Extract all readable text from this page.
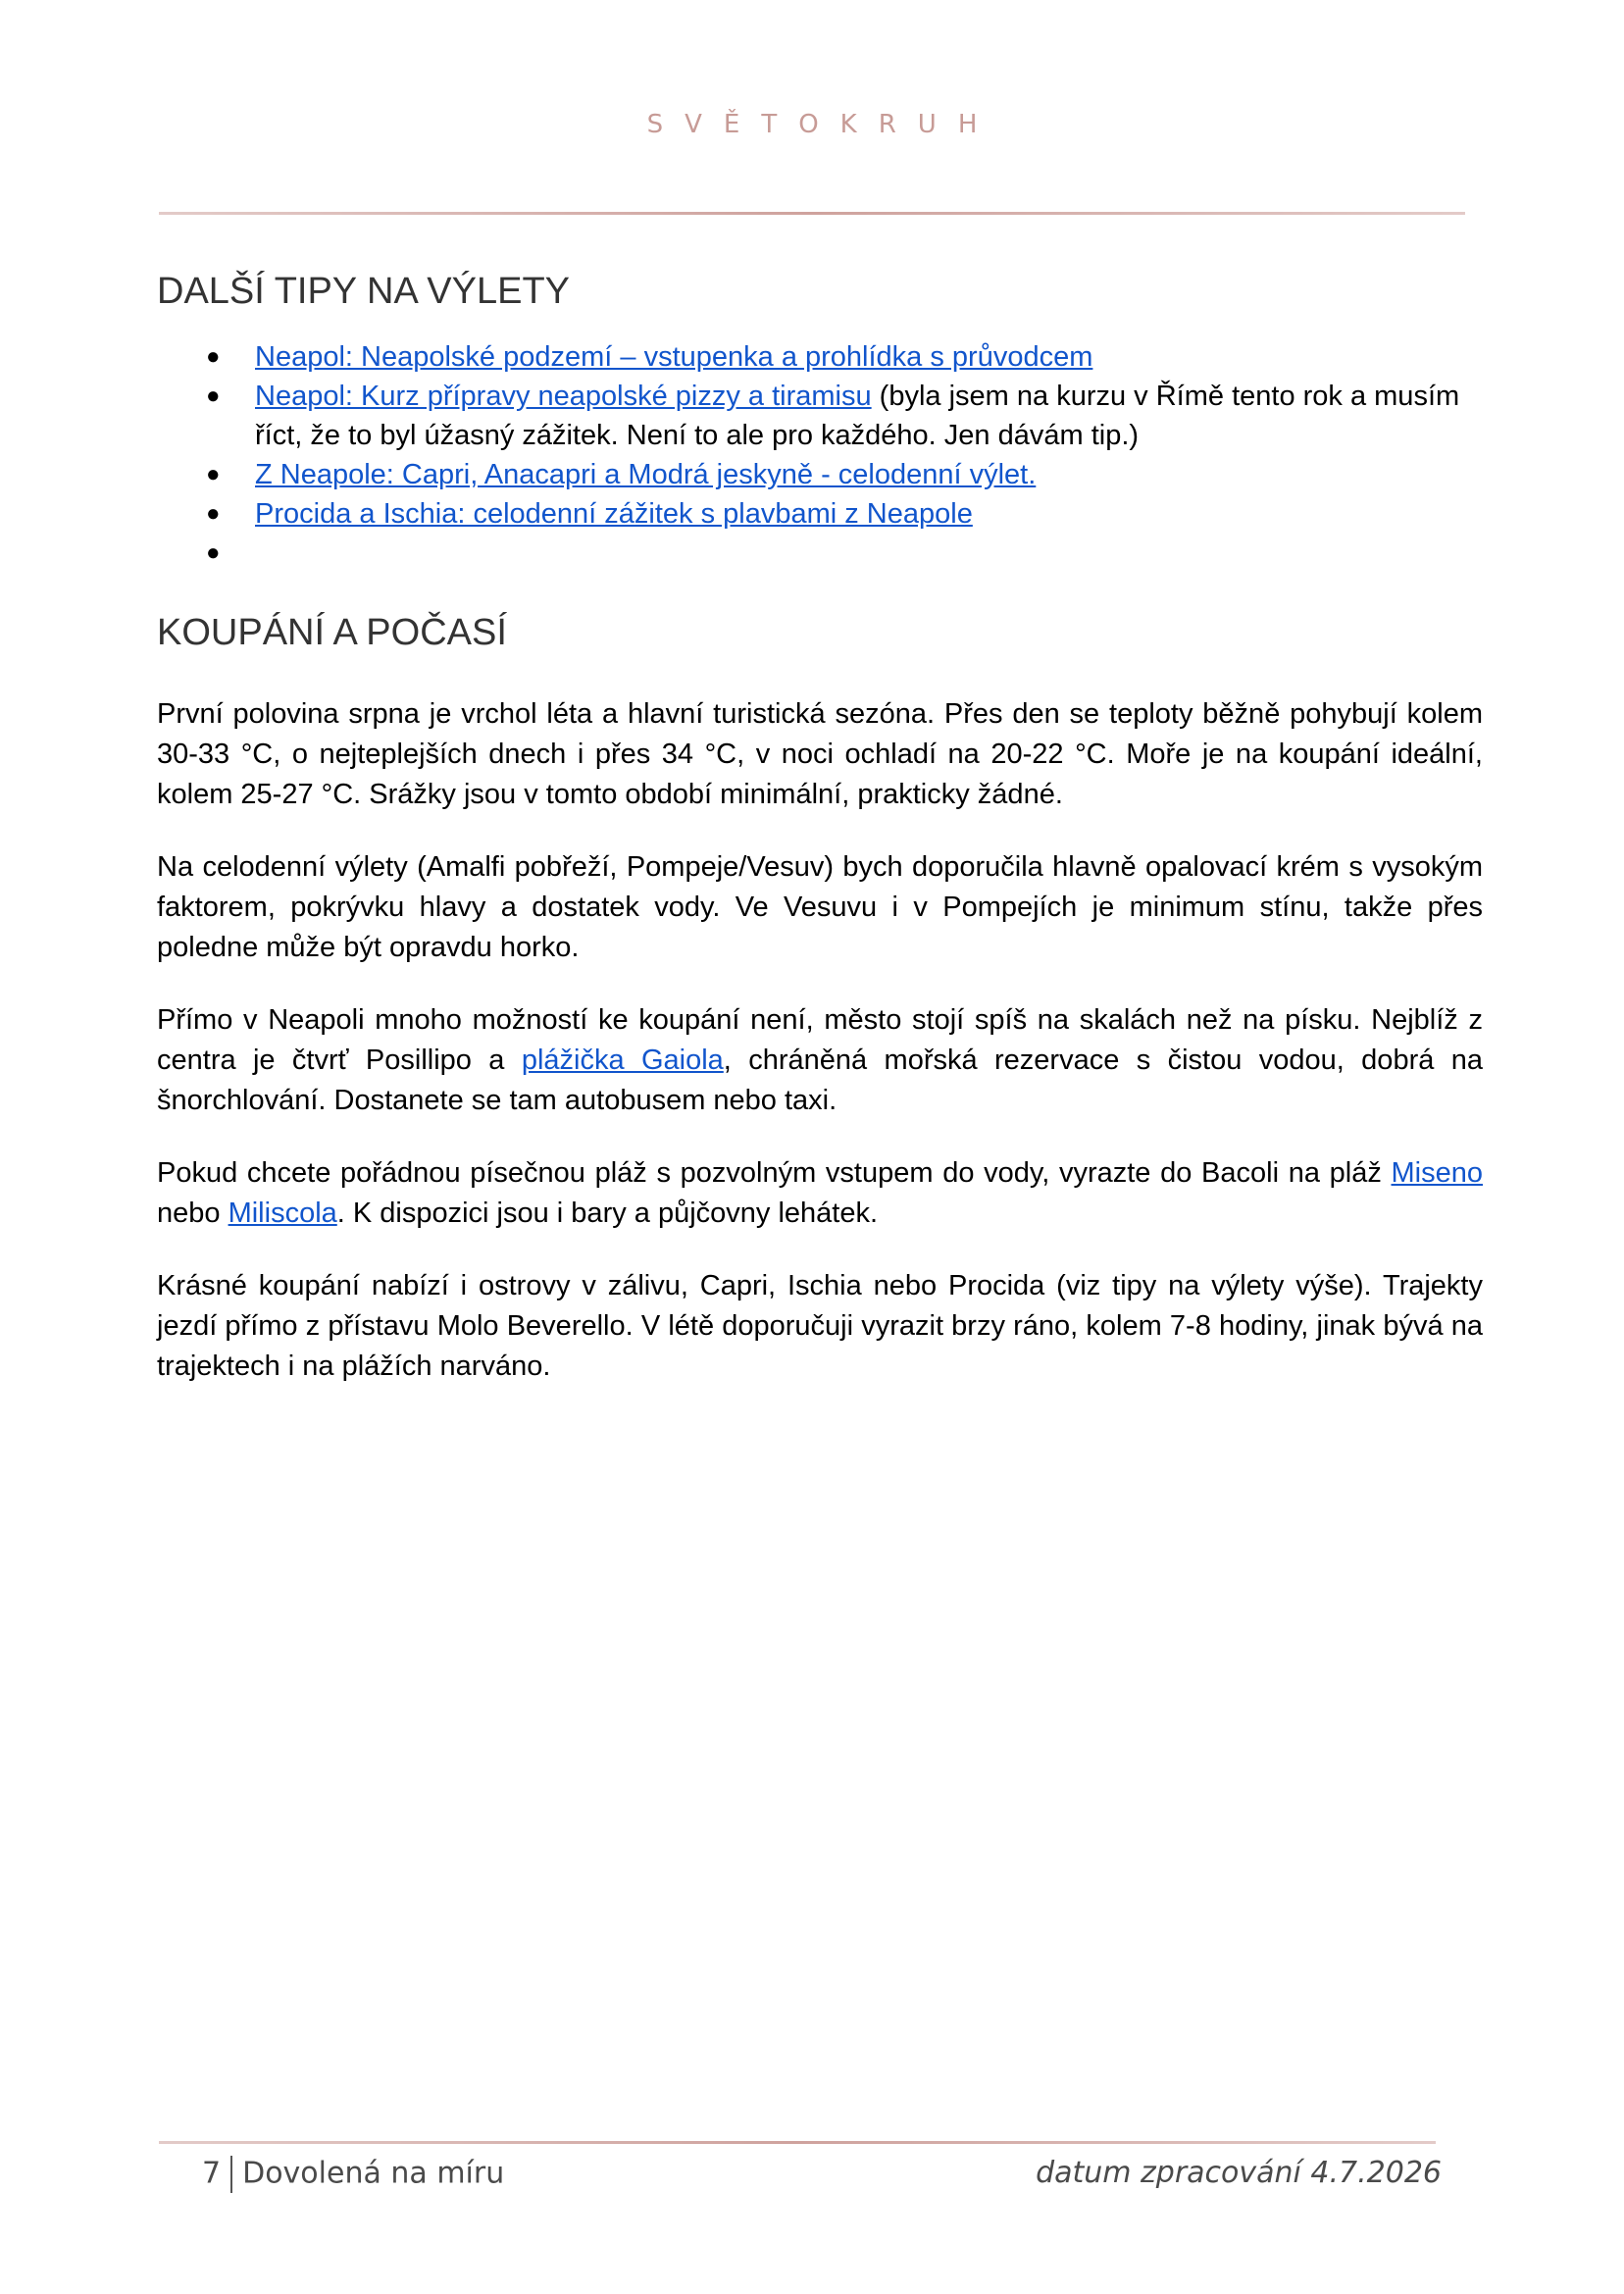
SVĚTOKRUH
DALŠÍ TIPY NA VÝLETY
● Neapol: Neapolské podzemí – vstupenka a prohlídka s průvodcem
● Neapol: Kurz přípravy neapolské pizzy a tiramisu (byla jsem na kurzu v Římě tento rok a musím říct, že to byl úžasný zážitek. Není to ale pro každého. Jen dávám tip.)
● Z Neapole: Capri, Anacapri a Modrá jeskyně - celodenní výlet.
● Procida a Ischia: celodenní zážitek s plavbami z Neapole
●

KOUPÁNÍ A POČASÍ

První polovina srpna je vrchol léta a hlavní turistická sezóna. Přes den se teploty běžně pohybují kolem 30-33 °C, o nejteplejších dnech i přes 34 °C, v noci ochladí na 20-22 °C. Moře je na koupání ideální, kolem 25-27 °C. Srážky jsou v tomto období minimální, prakticky žádné.

Na celodenní výlety (Amalfi pobřeží, Pompeje/Vesuv) bych doporučila hlavně opalovací krém s vysokým faktorem, pokrývku hlavy a dostatek vody. Ve Vesuvu i v Pompejích je minimum stínu, takže přes poledne může být opravdu horko.

Přímo v Neapoli mnoho možností ke koupání není, město stojí spíš na skalách než na písku. Nejblíž z centra je čtvrť Posillipo a plážička Gaiola, chráněná mořská rezervace s čistou vodou, dobrá na šnorchlování. Dostanete se tam autobusem nebo taxi.

Pokud chcete pořádnou písečnou pláž s pozvolným vstupem do vody, vyrazte do Bacoli na pláž Miseno nebo Miliscola. K dispozici jsou i bary a půjčovny lehátek.

Krásné koupání nabízí i ostrovy v zálivu, Capri, Ischia nebo Procida (viz tipy na výlety výše). Trajekty jezdí přímo z přístavu Molo Beverello. V létě doporučuji vyrazit brzy ráno, kolem 7-8 hodiny, jinak bývá na trajektech i na plážích narváno.

7 Dovolená na míru	datum zpracování 4.7.2026
